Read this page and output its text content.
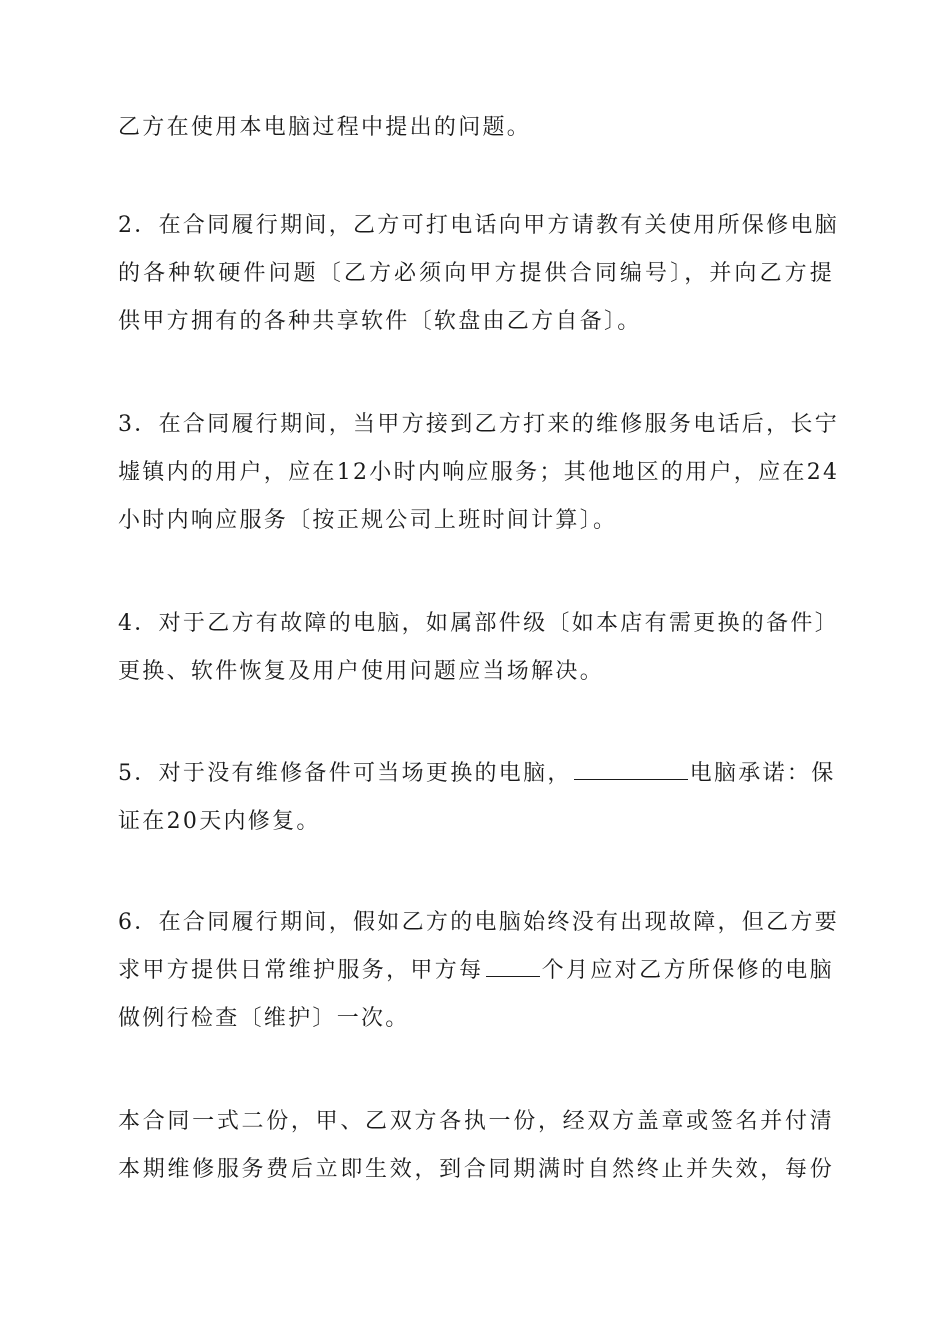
乙方在使用本电脑过程中提出的问题。
2．在合同履行期间，乙方可打电话向甲方请教有关使用所保修电脑
的各种软硬件问题〔乙方必须向甲方提供合同编号〕，并向乙方提
供甲方拥有的各种共享软件〔软盘由乙方自备〕。
3．在合同履行期间，当甲方接到乙方打来的维修服务电话后，长宁
墟镇内的用户，应在12小时内响应服务；其他地区的用户，应在24
小时内响应服务〔按正规公司上班时间计算〕。
4．对于乙方有故障的电脑，如属部件级〔如本店有需更换的备件〕
更换、软件恢复及用户使用问题应当场解决。
5．对于没有维修备件可当场更换的电脑，	电脑承诺：保
证在20天内修复。
6．在合同履行期间，假如乙方的电脑始终没有出现故障，但乙方要
求甲方提供日常维护服务，甲方每	个月应对乙方所保修的电脑
做例行检查〔维护〕一次。
本合同一式二份，甲、乙双方各执一份，经双方盖章或签名并付清
本期维修服务费后立即生效，到合同期满时自然终止并失效，每份
